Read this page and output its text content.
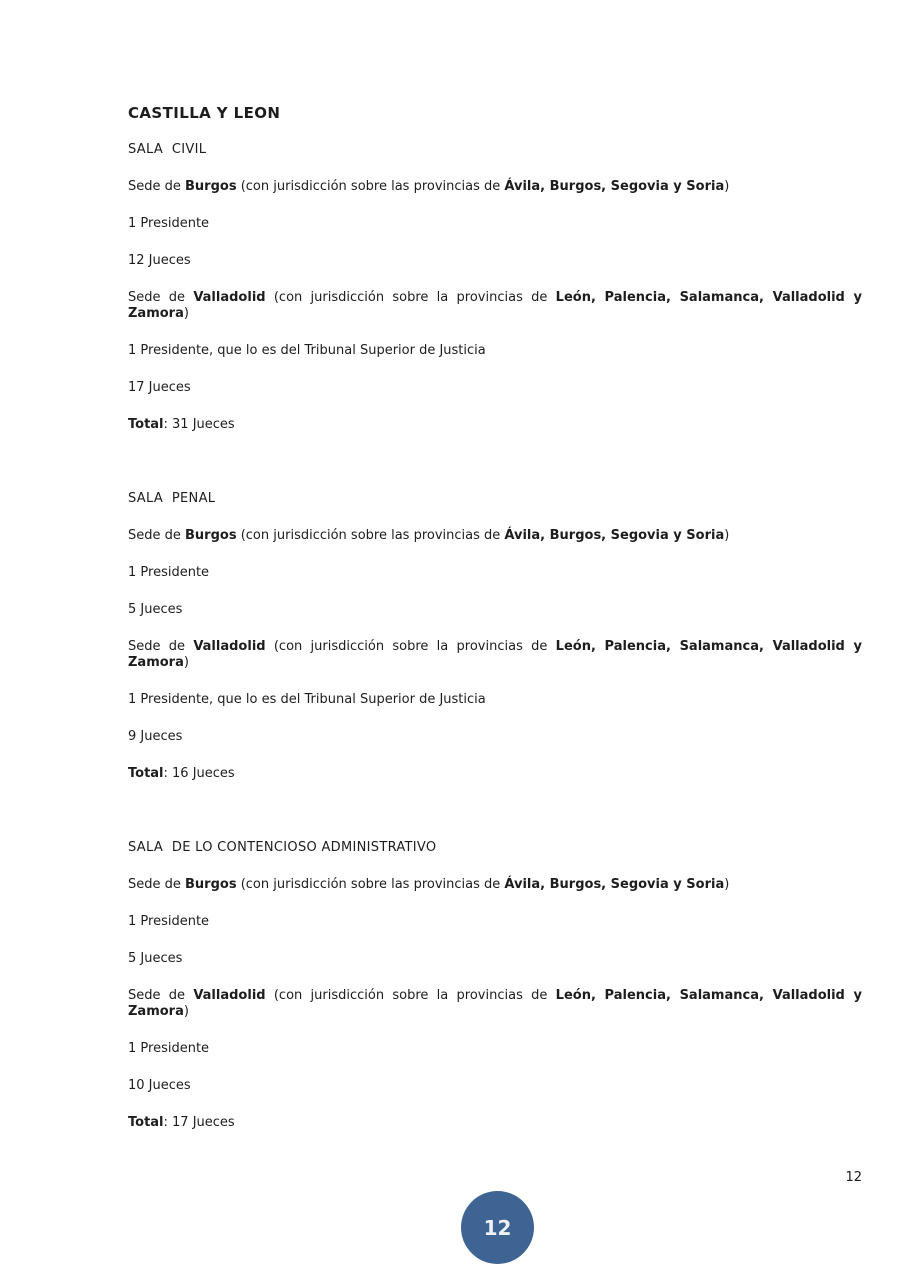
CASTILLA Y LEON

SALA  CIVIL

Sede de Burgos (con jurisdicción sobre las provincias de Ávila, Burgos, Segovia y Soria)

1 Presidente

12 Jueces

Sede de Valladolid (con jurisdicción sobre la provincias de León, Palencia, Salamanca, Valladolid y Zamora)

1 Presidente, que lo es del Tribunal Superior de Justicia

17 Jueces

Total: 31 Jueces

SALA  PENAL

Sede de Burgos (con jurisdicción sobre las provincias de Ávila, Burgos, Segovia y Soria)

1 Presidente

5 Jueces

Sede de Valladolid (con jurisdicción sobre la provincias de León, Palencia, Salamanca, Valladolid y Zamora)

1 Presidente, que lo es del Tribunal Superior de Justicia

9 Jueces

Total: 16 Jueces

SALA  DE LO CONTENCIOSO ADMINISTRATIVO

Sede de Burgos (con jurisdicción sobre las provincias de Ávila, Burgos, Segovia y Soria)

1 Presidente

5 Jueces

Sede de Valladolid (con jurisdicción sobre la provincias de León, Palencia, Salamanca, Valladolid y Zamora)

1 Presidente

10 Jueces

Total: 17 Jueces

12
12
